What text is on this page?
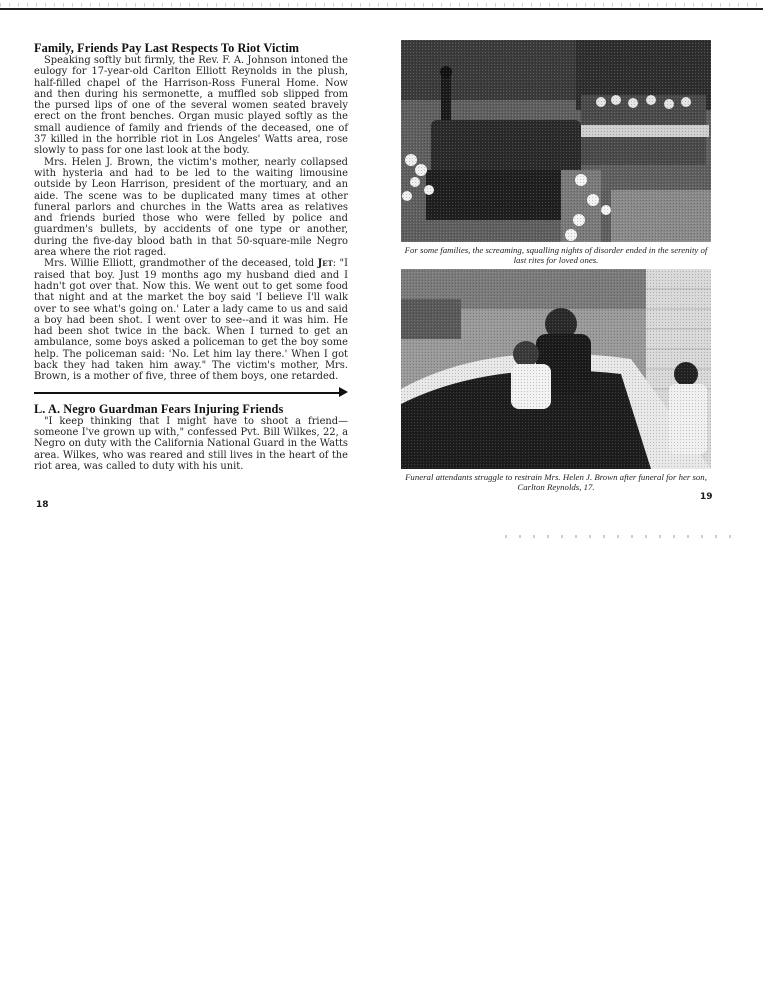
Family, Friends Pay Last Respects To Riot Victim

Speaking softly but firmly, the Rev. F. A. Johnson intoned the eulogy for 17-year-old Carlton Elliott Reynolds in the plush, half-filled chapel of the Harrison-Ross Funeral Home. Now and then during his sermonette, a muffled sob slipped from the pursed lips of one of the several women seated bravely erect on the front benches. Organ music played softly as the small audience of family and friends of the deceased, one of 37 killed in the horrible riot in Los Angeles' Watts area, rose slowly to pass for one last look at the body.

Mrs. Helen J. Brown, the victim's mother, nearly collapsed with hysteria and had to be led to the waiting limousine outside by Leon Harrison, president of the mortuary, and an aide. The scene was to be duplicated many times at other funeral parlors and churches in the Watts area as relatives and friends buried those who were felled by police and guardmen's bullets, by accidents of one type or another, during the five-day blood bath in that 50-square-mile Negro area where the riot raged.

Mrs. Willie Elliott, grandmother of the deceased, told Jet: "I raised that boy. Just 19 months ago my husband died and I hadn't got over that. Now this. We went out to get some food that night and at the market the boy said 'I believe I'll walk over to see what's going on.' Later a lady came to us and said a boy had been shot. I went over to see--and it was him. He had been shot twice in the back. When I turned to get an ambulance, some boys asked a policeman to get the boy some help. The policeman said: 'No. Let him lay there.' When I got back they had taken him away." The victim's mother, Mrs. Brown, is a mother of five, three of them boys, one retarded.

L. A. Negro Guardman Fears Injuring Friends

"I keep thinking that I might have to shoot a friend—someone I've grown up with," confessed Pvt. Bill Wilkes, 22, a Negro on duty with the California National Guard in the Watts area. Wilkes, who was reared and still lives in the heart of the riot area, was called to duty with his unit.

18
For some families, the screaming, squalling nights of disorder ended in the serenity of last rites for loved ones.
Funeral attendants struggle to restrain Mrs. Helen J. Brown after funeral for her son, Carlton Reynolds, 17.
19
